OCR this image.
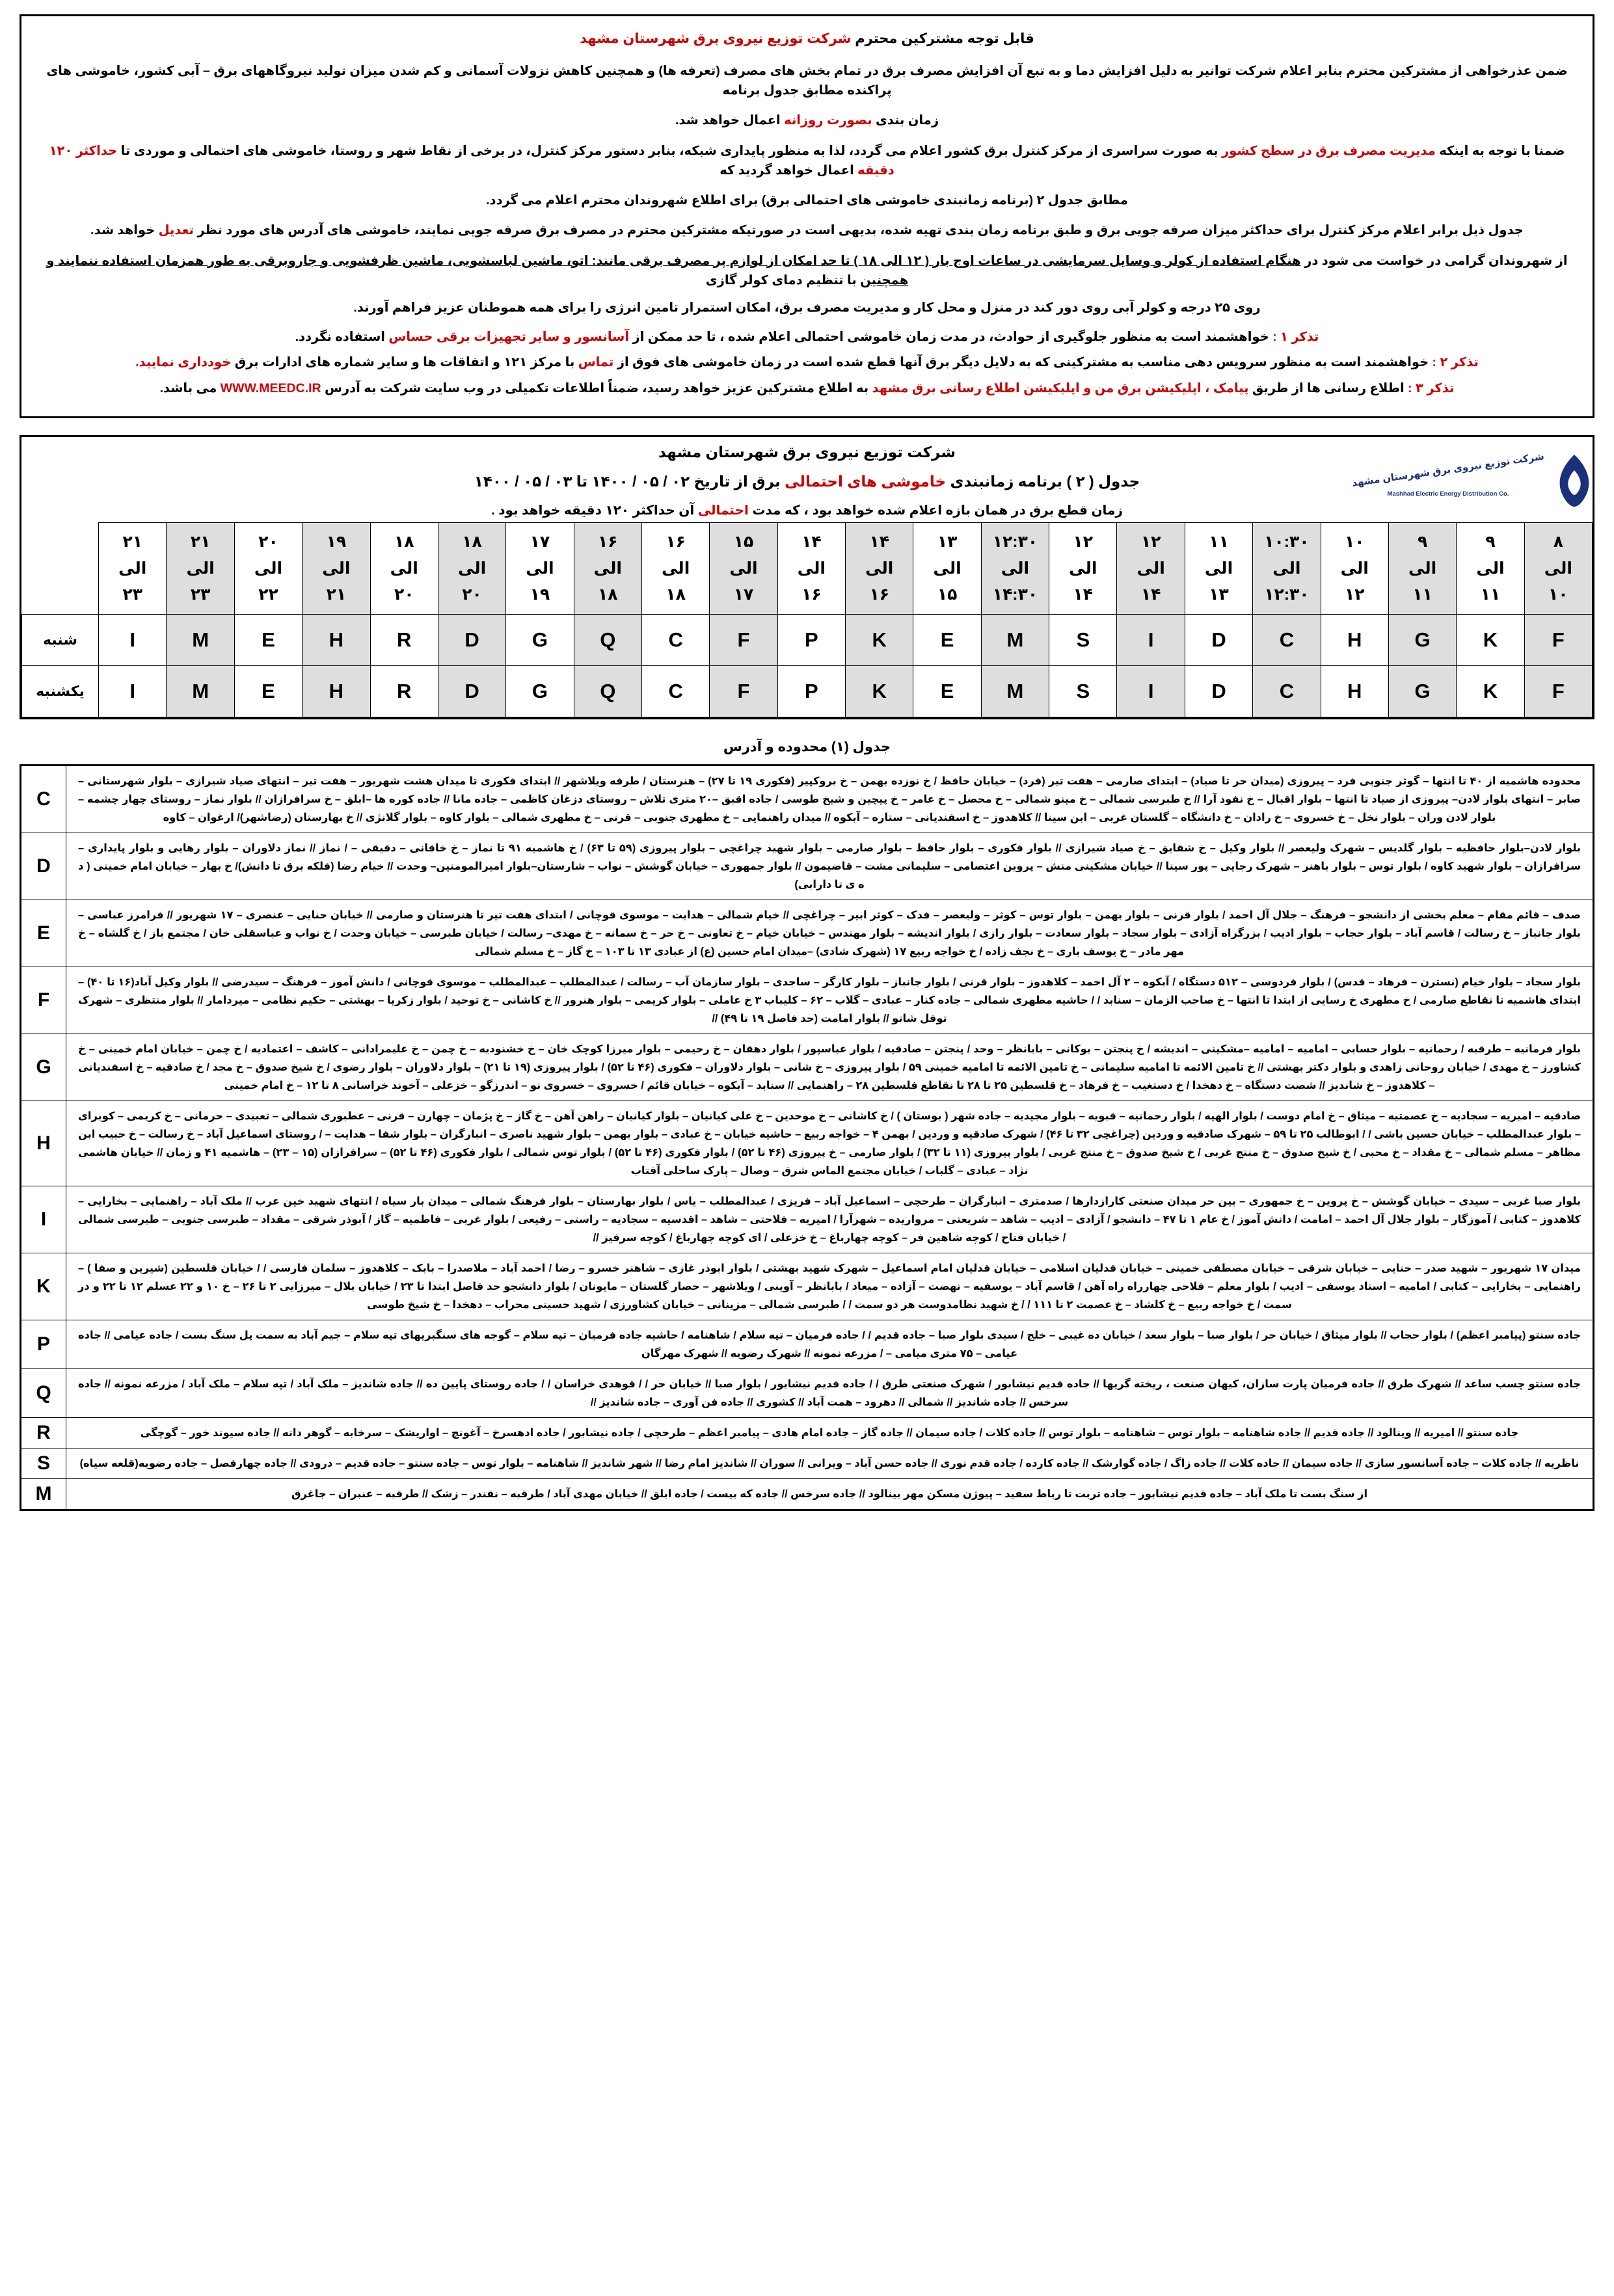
قابل توجه مشترکین محترم شرکت توزیع نیروی برق شهرستان مشهد
ضمن عذرخواهی از مشترکین محترم بنابر اعلام شرکت توانیر به دلیل افزایش دما و به تبع آن افزایش مصرف برق در تمام بخش های مصرف (تعرفه ها) و همچنین کاهش نزولات آسمانی و کم شدن میزان تولید نیروگاههای برق – آبی کشور، خاموشی های پراکنده مطابق جدول برنامه
زمان بندی بصورت روزانه اعمال خواهد شد.
ضمنا با توجه به اینکه مدیریت مصرف برق در سطح کشور به صورت سراسری از مرکز کنترل برق کشور اعلام می گردد، لذا به منظور پایداری شبکه، بنابر دستور مرکز کنترل، در برخی از نقاط شهر و روستا، خاموشی های احتمالی و موردی تا حداکثر ۱۲۰ دقیقه اعمال خواهد گردید که
مطابق جدول ۲ (برنامه زمانبندی خاموشی های احتمالی برق) برای اطلاع شهروندان محترم اعلام می گردد.
جدول ذیل برابر اعلام مرکز کنترل برای حداکثر میزان صرفه جویی برق و طبق برنامه زمان بندی تهیه شده، بدیهی است در صورتیکه مشترکین محترم در مصرف برق صرفه جویی نمایند، خاموشی های آدرس های مورد نظر تعدیل خواهد شد.
از شهروندان گرامی در خواست می شود در هنگام استفاده از کولر و وسایل سرمایشی در ساعات اوج بار ( ۱۲ الی ۱۸ ) تا حد امکان از لوازم پر مصرف برقی مانند: اتو، ماشین لباسشویی، ماشین ظرفشویی و جاروبرقی به طور همزمان استفاده ننمایند و همچنین با تنظیم دمای کولر گازی
روی ۲۵ درجه و کولر آبی روی دور کند در منزل و محل کار و مدیریت مصرف برق، امکان استمرار تامین انرژی را برای همه هموطنان عزیز فراهم آورند.
تذکر ۱ : خواهشمند است به منظور جلوگیری از حوادث، در مدت زمان خاموشی احتمالی اعلام شده ، تا حد ممکن از آسانسور و سایر تجهیزات برقی حساس استفاده نگردد.
تذکر ۲ : خواهشمند است به منظور سرویس دهی مناسب به مشترکینی که به دلایل دیگر برق آنها قطع شده است در زمان خاموشی های فوق از تماس با مرکز ۱۲۱ و اتفاقات ها و سایر شماره های ادارات برق خودداری نمایید.
تذکر ۳ : اطلاع رسانی ها از طریق پیامک ، اپلیکیشن برق من و اپلیکیشن اطلاع رسانی برق مشهد به اطلاع مشترکین عزیز خواهد رسید، ضمناً اطلاعات تکمیلی در وب سایت شرکت به آدرس WWW.MEEDC.IR می باشد.
شرکت توزیع نیروی برق شهرستان مشهد
Mashhad Electric Energy Distribution Co.
شرکت توزیع نیروی برق شهرستان مشهد
جدول ( ۲ ) برنامه زمانبندی خاموشی های احتمالی برق از تاریخ ۰۲ / ۰۵ / ۱۴۰۰ تا ۰۳ / ۰۵ / ۱۴۰۰
زمان قطع برق در همان بازه اعلام شده خواهد بود ، که مدت احتمالی آن حداکثر ۱۲۰ دقیقه خواهد بود .
۸
الی
۱۰

۹
الی
۱۱

۹
الی
۱۱

۱۰
الی
۱۲

۱۰:۳۰
الی
۱۲:۳۰

۱۱
الی
۱۳

۱۲
الی
۱۴

۱۲
الی
۱۴

۱۲:۳۰
الی
۱۴:۳۰

۱۳
الی
۱۵

۱۴
الی
۱۶

۱۴
الی
۱۶

۱۵
الی
۱۷

۱۶
الی
۱۸

۱۶
الی
۱۸

۱۷
الی
۱۹

۱۸
الی
۲۰

۱۸
الی
۲۰

۱۹
الی
۲۱

۲۰
الی
۲۲

۲۱
الی
۲۳

۲۱
الی
۲۳

F	K	G	H	C	D	I	S	M	E	K	P	F	C	Q	G	D	R	H	E	M	I	شنبه
F	K	G	H	C	D	I	S	M	E	K	P	F	C	Q	G	D	R	H	E	M	I	یکشنبه
جدول (۱) محدوده و آدرس
محدوده هاشمیه از ۴۰ تا انتها – گوثر جنوبی فرد – پیروزی (میدان حر تا صیاد) – ابتدای صارمی – هفت تیر (فرد) – خیابان حافظ / خ نوزده بهمن – خ بروکپیر (فکوری ۱۹ تا ۲۷) – هنرستان / طرفه ویلاشهر // ابتدای فکوری تا میدان هشت شهریور – هفت تیر – انتهای صیاد شیرازی – بلوار شهرستانی – صابر – انتهای بلوار لادن– پیروزی از صیاد تا انتها – بلوار اقبال – خ نفوذ آرا // خ طبرسی شمالی – خ مینو شمالی – خ محصل – خ عامر – خ پیچین و شیخ طوسی / جاده اقبق –۲۰ متری تلاش – روستای دزغان کاظمی – جاده مانا // جاده کوره ها –ابلق – خ سرافرازان // بلوار نماز – روستای چهار چشمه – بلوار لادن وران – بلوار نخل – خ خسروی – خ رادان – خ دانشگاه – گلستان غربی – ابن سینا // کلاهدوز – خ اسفندیانی – ستاره – آبکوه // میدان راهنمایی – خ مطهری جنوبی – قرنی – خ مطهری شمالی – بلوار کاوه – بلوار گلانژی // خ بهارستان (رضاشهر)/ ارغوان – کاوه	C
بلوار لادن–بلوار حافظیه – بلوار گلدیس – شهرک ولیعصر // بلوار وکیل – خ شقایق – خ صیاد شیرازی // بلوار فکوری – بلوار حافظ – بلوار صارمی – بلوار شهید چراغچی – بلوار پیروزی (۵۹ تا ۶۳) / خ هاشمیه ۹۱ تا نماز – خ خاقانی – دقیقی – / نماز // نماز دلاوران – بلوار رهایی و بلوار پایداری –سرافرازان – بلوار شهید کاوه / بلوار توس – بلوار باهنر – شهرک رجایی – پور سینا // خیابان مشکینی منش – پروین اعتصامی – سلیمانی مشت – قاضیمون // بلوار جمهوری – خیابان گوشش – نواب – شارستان–بلوار امیرالمومنین– وحدت // خیام رضا (فلکه برق تا دانش)/ خ بهار – خیابان امام خمینی ( د ه ی تا دارابی)	D
صدف – قائم مقام – معلم بخشی از دانشجو – فرهنگ – جلال آل احمد / بلوار قرنی – بلوار بهمن – بلوار توس – کوثر – ولیعصر – فدک – کوثر ابیر – چراغچی // خیام شمالی – هدایت – موسوی قوچانی / ابتدای هفت تیر تا هنرستان و صارمی // خیابان حنایی – عنصری – ۱۷ شهریور // فرامرز عباسی – بلوار جانباز – خ رسالت / قاسم آباد – بلوار حجاب – بلوار ادیب / بزرگراه آزادی – بلوار سجاد – بلوار سعادت – بلوار رازی / بلوار اندیشه – بلوار مهندس – خیابان خیام – خ تعاونی – خ حر – خ سمانه – خ مهدی– رسالت / خیابان طبرسی – خیابان وحدت / خ نواب و عباسقلی خان / مجتمع باز / خ گلشاه – خ مهر مادر – خ یوسف باری – خ نجف زاده / خ خواجه ربیع ۱۷ (شهرک شادی) –میدان امام حسین (ع) از عبادی ۱۳ تا ۱۰۳ – خ گاز – خ مسلم شمالی	E
بلوار سجاد – بلوار خیام (نسترن – فرهاد – قدس) / بلوار فردوسی – ۵۱۲ دستگاه / آبکوه – ۲ آل احمد – کلاهدوز – بلوار قرنی / بلوار جانباز – بلوار کارگر – ساجدی – بلوار سازمان آب – رسالت / عبدالمطلب – عبدالمطلب – موسوی قوچانی / دانش آموز – فرهنگ – سیدرضی // بلوار وکیل آباد(۱۶ تا ۴۰) – ابتدای هاشمیه تا نقاطع صارمی / خ مطهری خ رسایی از ابتدا تا انتها – خ صاحب الزمان – سنابد / / حاشیه مطهری شمالی – جاده کنار – عبادی – گلاب – ۶۲ – کلیباب ۳ خ عاملی – بلوار کریمی – بلوار هنرور // خ کاشانی – خ توحید / بلوار زکریا – بهشتی – حکیم نظامی – میردامار // بلوار منتظری – شهرک توفل شاتو // بلوار امامت (حد فاصل ۱۹ تا ۴۹) //	F
بلوار فرمانیه – طرقبه / رحمانیه – بلوار حسابی – امامیه – امامیه –مشکینی – اندیشه / خ پنجتن – بوکانی – بابانظر – وحد / پنجتن – صادقیه / بلوار عباسپور / بلوار دهقان – خ رحیمی – بلوار میرزا کوچک خان – خ خشنودیه – خ چمن – خ علیمرادانی – کاشف – اعتمادیه / خ چمن – خیابان امام خمینی – خ کشاورز – خ مهدی / خیابان روحانی زاهدی و بلوار دکتر بهشتی // خ تامین الائمه تا امامیه سلیمانی – خ تامین الائمه تا امامیه خمینی ۵۹ / بلوار پیروزی – خ شانی – بلوار دلاوران – فکوری (۴۶ تا ۵۲) / بلوار پیروزی (۱۹ تا ۲۱) – بلوار دلاوران – بلوار رضوی / خ شیخ صدوق – خ مجد / خ صادقیه – خ اسفندیانی – کلاهدوز – خ شاندیز // شصت دستگاه – خ دهخدا / خ دستغیب – خ فرهاد – خ قلسطین ۲۵ تا ۲۸ تا نقاطع فلسطین ۲۸ – راهنمایی // سنابد – آبکوه – خیابان قائم / خسروی – خسروی نو – اندرزگو – خزعلی – آخوند خراسانی ۸ تا ۱۲ – خ امام خمینی	G
صادقیه – امیریه – سجادیه – خ عصمتیه – میثاق – خ امام دوست / بلوار الهیه / بلوار رحمانیه – قبویه – بلوار مجیدیه – جاده شهر ( بوستان ) / خ کاشانی – خ موحدین – خ علی کیانیان – بلوار کیانیان – راهن آهن – خ گاز – خ پژمان – چهارن – قرنی – عطبوری شمالی – تعبیدی – حرمانی – خ کریمی – کوبرای – بلوار عبدالمطلب – خیابان حسین باشی / / ابوطالب ۲۵ تا ۵۹ – شهرک صادقیه و وردین (چراغچی ۳۲ تا ۴۶) / شهرک صادقیه و وردین / بهمن ۴ – خواجه ربیع – حاشیه خیابان – خ عبادی – بلوار بهمن – بلوار شهید ناصری – انبارگران – بلوار شفا – هدایت – / روستای اسماعیل آباد – خ رسالت – خ حبیب ابن مظاهر – مسلم شمالی – خ مقداد – خ محبی / خ شیخ صدوق – خ منتج غربی / خ شیخ صدوق – خ منتج غربی / بلوار پیروزی (۱۱ تا ۳۲) / بلوار صارمی – خ پیروزی (۴۶ تا ۵۲) / بلوار فکوری (۴۶ تا ۵۲) / بلوار توس شمالی / بلوار فکوری (۴۶ تا ۵۲) – سرافرازان (۱۵ – ۲۳) – هاشمیه ۴۱ و زمان // خیابان هاشمی نژاد – عبادی – گلباب / خیابان مجتمع الماس شرق – وصال – پارک ساحلی آفتاب	H
بلوار صبا غربی – سیدی – خیابان گوشش – خ پروین – خ جمهوری – بین حر میدان صنعتی کارازدارها / صدمتری – انبارگران – طرحچی – اسماعیل آباد – فریزی / عبدالمطلب – یاس / بلوار بهارستان – بلوار فرهنگ شمالی – میدان بار سیاه / انتهای شهید خین عرب // ملک آباد – راهنمایی – بخارایی – کلاهدوز – کتابی / آموزگار – بلوار جلال آل احمد – امامت / دانش آموز / خ عام ۱ تا ۴۷ – دانشجو / آزادی – ادیب – شاهد – شریعتی – مرواریده – شهرآرا / امیریه – فلاحتی – شاهد – اقدسیه – سجادیه – راستی – رفیعی / بلوار غربی – فاطمیه – گاز / آبوذر شرقی – مقداد – طبرسی جنوبی – طبرسی شمالی / خیابان فتاح / کوچه شاهین فر – کوچه چهارباغ – خ خزعلی / ای کوچه چهارباغ / کوچه سرفیز //	I
میدان ۱۷ شهریور – شهید صدر – حنایی – خیابان شرقی – خیابان مصطفی خمینی – خیابان قدلیان اسلامی – خیابان قدلیان امام اسماعیل – شهرک شهید بهشتی / بلوار ابوذر غازی – شاهنر خسرو – رضا / احمد آباد – ملاصدرا – بابک – کلاهدوز – سلمان فارسی / / خیابان فلسطین (شیرین و صفا ) – راهنمایی – بخارایی – کتابی / امامیه – استاد یوسفی – ادیب / بلوار معلم – فلاحی چهارراه راه آهن / قاسم آباد – یوسفیه – نهضت – آزاده – میعاد / بابانظر – آوینی / ویلاشهر – حصار گلستان – مایونان / بلوار دانشجو حد فاصل ابتدا تا ۲۳ / خیابان بلال – میرزایی ۲ تا ۲۶ – خ ۱۰ و ۲۲ عسلم ۱۲ تا ۲۲ و در سمت / خ خواجه ربیع – خ کلشاد – خ عصمت ۲ تا ۱۱۱ / / خ شهید نظامدوست هر دو سمت / / طبرسی شمالی – مزینانی – خیابان کشاورزی / شهید حسینی محراب – دهخدا – خ شیخ طوسی	K
جاده سنتو (پیامبر اعظم) / بلوار حجاب // بلوار میثاق / خیابان حر / بلوار صبا – بلوار سعد / خیابان ده غیبی – خلج / سیدی بلوار صبا – جاده قدیم / / جاده فرمیان – تپه سلام / شاهنامه / حاشیه جاده فرمیان – تپه سلام – گوجه های سنگبریهای تپه سلام – جیم آباد به سمت پل سنگ بست / جاده عیامی // جاده عیامی – ۷۵ متری میامی – / مزرعه نمونه // شهرک رضویه // شهرک مهرگان	P
جاده سنتو چسب ساعد // شهرک طرق // جاده فرمیان پارت سازان، کیهان صنعت ، ریخته گریها // جاده قدیم نیشابور / شهرک صنعتی طرق / / جاده قدیم نیشابور / بلوار صبا // خیابان حر / / قوهدی خراسان / / جاده روستای پایین ده // جاده شاندیز – ملک آباد / تپه سلام – ملک آباد / مزرعه نمونه // جاده سرخس // جاده شاندیز // شمالی // دهرود – همت آباد // کشوری // جاده فن آوری – جاده شاندیز //	Q
جاده سنتو // امیریه // وینالود // جاده قدیم // جاده شاهنامه – بلوار توس – شاهنامه – بلوار توس // جاده کلات / جاده سیمان // جاده گاز – جاده امام هادی – پیامبر اعظم – طرحچی / جاده نیشابور / جاده ادهسرخ – آغونچ – اواریشک – سرخابه – گوهر دانه // جاده سیوند خور – گوچگی	R
ناظریه // جاده کلات – جاده آسانسور سازی // جاده سیمان // جاده کلات // جاده زاگ / جاده گوارشک // جاده کارده / جاده قدم نوری // جاده حسن آباد – ویرانی // سوران // شاندیز امام رضا // شهر شاندیز // شاهنامه – بلوار توس – جاده سنتو – جاده قدیم – درودی // جاده چهارفصل – جاده رضویه(قلعه سیاه)	S
از سنگ بست تا ملک آباد – جاده قدیم نیشابور – جاده تربت تا رباط سفید – پیوژن مسکن مهر بینالود // جاده سرخس // جاده که بیست / جاده ابلق // خیابان مهدی آباد / طرقبه – نقندر – زشک // طرقبه – عنبران – جاغرق	M
